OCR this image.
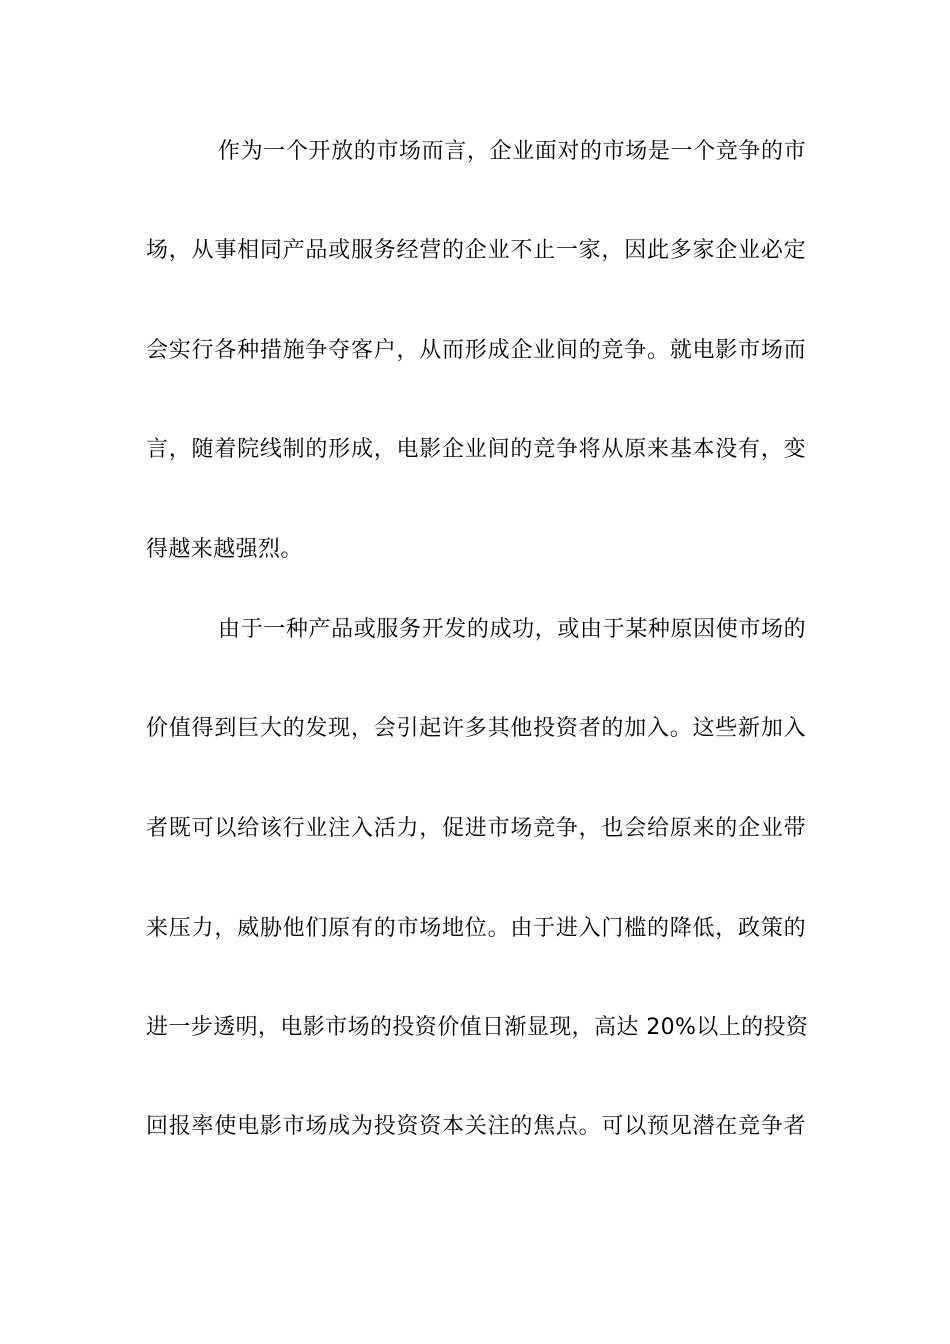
作为一个开放的市场而言，企业面对的市场是一个竞争的市
场，从事相同产品或服务经营的企业不止一家，因此多家企业必定
会实行各种措施争夺客户，从而形成企业间的竞争。就电影市场而
言，随着院线制的形成，电影企业间的竞争将从原来基本没有，变
得越来越强烈。
由于一种产品或服务开发的成功，或由于某种原因使市场的
价值得到巨大的发现，会引起许多其他投资者的加入。这些新加入
者既可以给该行业注入活力，促进市场竞争，也会给原来的企业带
来压力，威胁他们原有的市场地位。由于进入门槛的降低，政策的
进一步透明，电影市场的投资价值日渐显现，高达 20%以上的投资
回报率使电影市场成为投资资本关注的焦点。可以预见潜在竞争者
